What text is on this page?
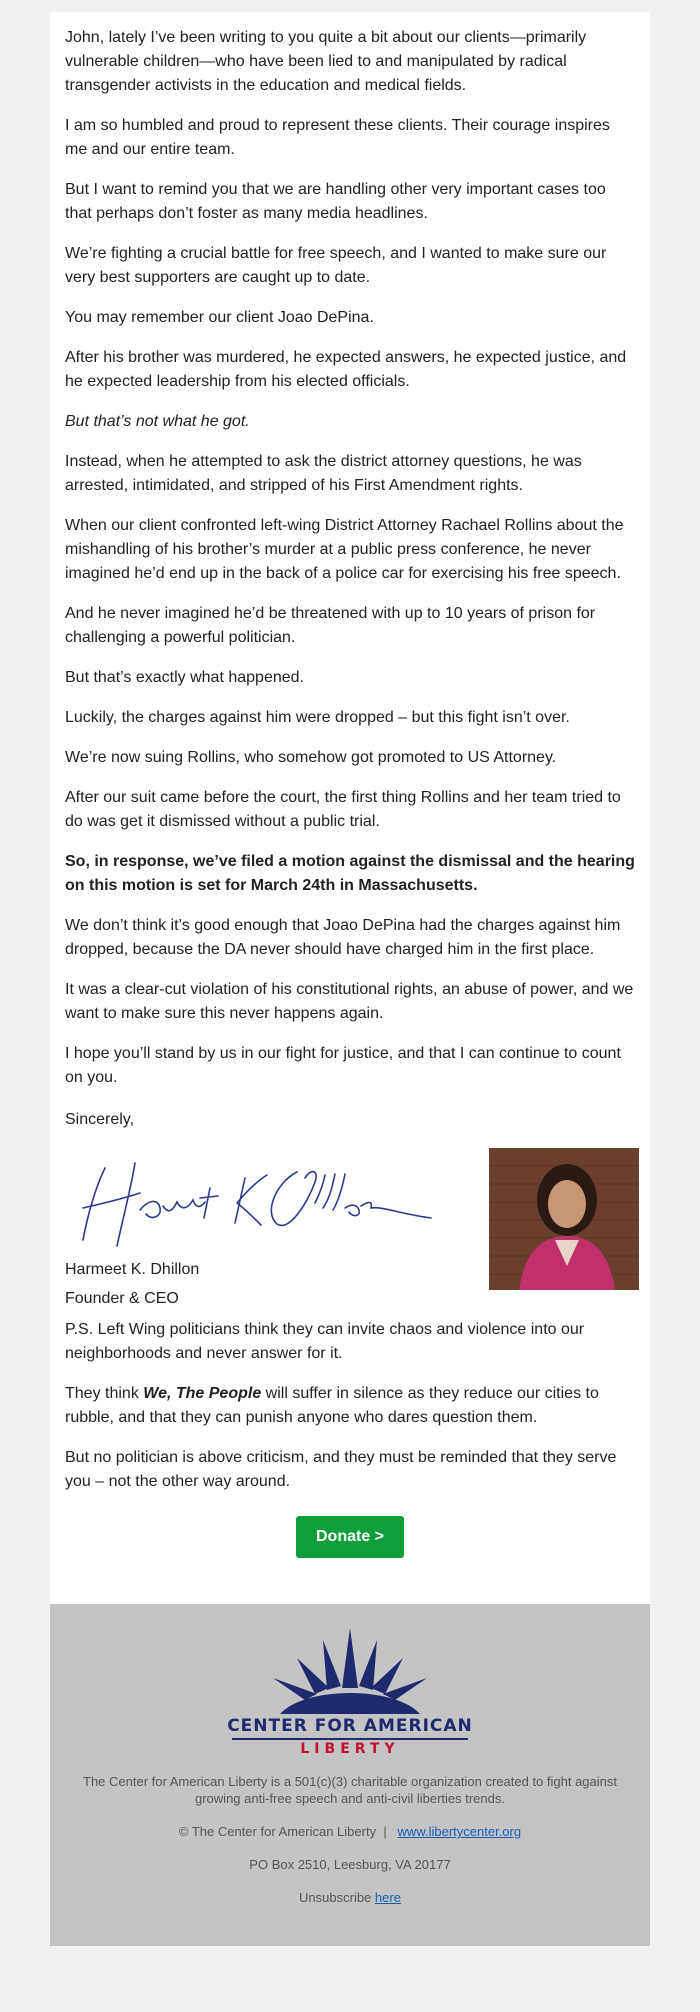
John, lately I’ve been writing to you quite a bit about our clients—primarily vulnerable children—who have been lied to and manipulated by radical transgender activists in the education and medical fields.

I am so humbled and proud to represent these clients. Their courage inspires me and our entire team.

But I want to remind you that we are handling other very important cases too that perhaps don’t foster as many media headlines.

We’re fighting a crucial battle for free speech, and I wanted to make sure our very best supporters are caught up to date.

You may remember our client Joao DePina.

After his brother was murdered, he expected answers, he expected justice, and he expected leadership from his elected officials.

But that’s not what he got.

Instead, when he attempted to ask the district attorney questions, he was arrested, intimidated, and stripped of his First Amendment rights.

When our client confronted left-wing District Attorney Rachael Rollins about the mishandling of his brother’s murder at a public press conference, he never imagined he’d end up in the back of a police car for exercising his free speech.

And he never imagined he’d be threatened with up to 10 years of prison for challenging a powerful politician.

But that’s exactly what happened.

Luckily, the charges against him were dropped – but this fight isn’t over.

We’re now suing Rollins, who somehow got promoted to US Attorney.

After our suit came before the court, the first thing Rollins and her team tried to do was get it dismissed without a public trial.

So, in response, we’ve filed a motion against the dismissal and the hearing on this motion is set for March 24th in Massachusetts.

We don’t think it’s good enough that Joao DePina had the charges against him dropped, because the DA never should have charged him in the first place.

It was a clear-cut violation of his constitutional rights, an abuse of power, and we want to make sure this never happens again.

I hope you’ll stand by us in our fight for justice, and that I can continue to count on you.

Sincerely,

Harmeet K. Dhillon

Founder & CEO

P.S. Left Wing politicians think they can invite chaos and violence into our neighborhoods and never answer for it.

They think We, The People will suffer in silence as they reduce our cities to rubble, and that they can punish anyone who dares question them.

But no politician is above criticism, and they must be reminded that they serve you – not the other way around.

Donate >
CENTER FOR AMERICAN
LIBERTY

The Center for American Liberty is a 501(c)(3) charitable organization created to fight against growing anti-free speech and anti-civil liberties trends.

© The Center for American Liberty | www.libertycenter.org

PO Box 2510, Leesburg, VA 20177

Unsubscribe here
